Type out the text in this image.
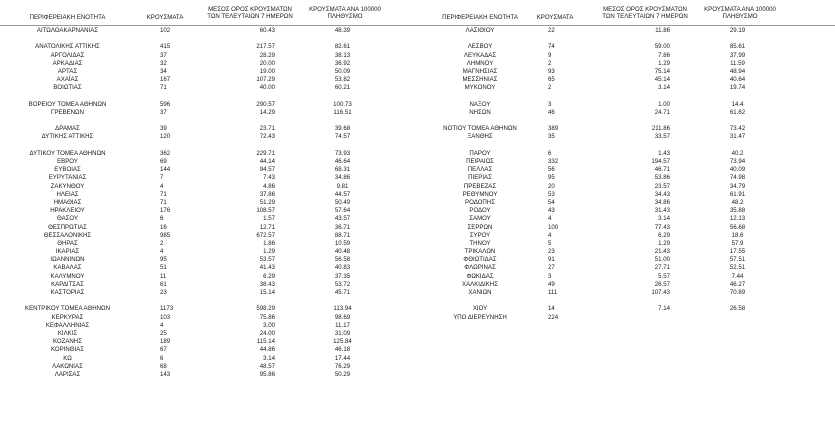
ΠΕΡΙΦΕΡΕΙΑΚΗ ΕΝΟΤΗΤΑ	ΚΡΟΥΣΜΑΤΑ
ΜΕΣΟΣ ΟΡΟΣ ΚΡΟΥΣΜΑΤΩΝ
ΤΩΝ ΤΕΛΕΥΤΑΙΩΝ 7 ΗΜΕΡΩΝ
ΚΡΟΥΣΜΑΤΑ ΑΝΑ 100000
ΠΛΗΘΥΣΜΟ
ΑΙΤΩΛΟΑΚΑΡΝΑΝΙΑΣ	102	60.43	48.39
ΑΝΑΤΟΛΙΚΗΣ ΑΤΤΙΚΗΣ	415	217.57	82.61
ΑΡΓΟΛΙΔΑΣ	37	28.29	38.13
ΑΡΚΑΔΙΑΣ	32	20.00	36.92
ΑΡΤΑΣ	34	19.00	50.09
ΑΧΑΪΑΣ	167	107.29	53.82
ΒΟΙΩΤΙΑΣ	71	40.00	60.21
ΒΟΡΕΙΟΥ ΤΟΜΕΑ ΑΘΗΝΩΝ	596	290.57	100.73
ΓΡΕΒΕΝΩΝ	37	14.29	116.51
ΔΡΑΜΑΣ	39	23.71	39.68
ΔΥΤΙΚΗΣ ΑΤΤΙΚΗΣ	120	72.43	74.57
ΔΥΤΙΚΟΥ ΤΟΜΕΑ ΑΘΗΝΩΝ	362	229.71	73.93
ΕΒΡΟΥ	69	44.14	46.64
ΕΥΒΟΙΑΣ	144	94.57	68.31
ΕΥΡΥΤΑΝΙΑΣ	7	7.43	34.86
ΖΑΚΥΝΘΟΥ	4	4.86	9.81
ΗΛΕΙΑΣ	71	37.86	44.57
ΗΜΑΘΙΑΣ	71	51.29	50.49
ΗΡΑΚΛΕΙΟΥ	176	108.57	57.64
ΘΑΣΟΥ	6	1.57	43.57
ΘΕΣΠΡΩΤΙΑΣ	16	12.71	36.71
ΘΕΣΣΑΛΟΝΙΚΗΣ	985	672.57	88.71
ΘΗΡΑΣ	2	1.86	10.59
ΙΚΑΡΙΑΣ	4	1.29	40.48
ΙΩΑΝΝΙΝΩΝ	95	53.57	56.58
ΚΑΒΑΛΑΣ	51	41.43	40.83
ΚΑΛΥΜΝΟΥ	11	6.29	37.35
ΚΑΡΔΙΤΣΑΣ	61	38.43	53.72
ΚΑΣΤΟΡΙΑΣ	23	15.14	45.71
ΚΕΝΤΡΙΚΟΥ ΤΟΜΕΑ ΑΘΗΝΩΝ	1173	598.29	113.94
ΚΕΡΚΥΡΑΣ	103	75.86	98.69
ΚΕΦΑΛΛΗΝΙΑΣ	4	3.00	11.17
ΚΙΛΚΙΣ	25	24.00	31.09
ΚΟΖΑΝΗΣ	189	115.14	125.84
ΚΟΡΙΝΘΙΑΣ	67	44.86	46.18
ΚΩ	6	3.14	17.44
ΛΑΚΩΝΙΑΣ	68	48.57	76.29
ΛΑΡΙΣΑΣ	143	95.86	50.29
ΠΕΡΙΦΕΡΕΙΑΚΗ ΕΝΟΤΗΤΑ	ΚΡΟΥΣΜΑΤΑ
ΜΕΣΟΣ ΟΡΟΣ ΚΡΟΥΣΜΑΤΩΝ
ΤΩΝ ΤΕΛΕΥΤΑΙΩΝ 7 ΗΜΕΡΩΝ
ΚΡΟΥΣΜΑΤΑ ΑΝΑ 100000
ΠΛΗΘΥΣΜΟ
ΛΑΣΙΘΙΟΥ	22	11.86	29.19
ΛΕΣΒΟΥ	74	59.00	85.61
ΛΕΥΚΑΔΑΣ	9	7.86	37.99
ΛΗΜΝΟΥ	2	1.29	11.59
ΜΑΓΝΗΣΙΑΣ	93	75.14	48.94
ΜΕΣΣΗΝΙΑΣ	65	45.14	40.64
ΜΥΚΟΝΟΥ	2	3.14	19.74
ΝΑΞΟΥ	3	1.00	14.4
ΝΗΣΩΝ	46	24.71	61.62
ΝΟΤΙΟΥ ΤΟΜΕΑ ΑΘΗΝΩΝ	389	211.86	73.42
ΞΑΝΘΗΣ	35	33.57	31.47
ΠΑΡΟΥ	6	1.43	40.2
ΠΕΙΡΑΙΩΣ	332	194.57	73.94
ΠΕΛΛΑΣ	56	46.71	40.09
ΠΙΕΡΙΑΣ	95	53.86	74.98
ΠΡΕΒΕΖΑΣ	20	23.57	34.79
ΡΕΘΥΜΝΟΥ	53	34.43	61.91
ΡΟΔΟΠΗΣ	54	34.86	48.2
ΡΟΔΟΥ	43	31.43	35.88
ΣΑΜΟΥ	4	3.14	12.13
ΣΕΡΡΩΝ	100	77.43	56.68
ΣΥΡΟΥ	4	6.29	18.6
ΤΗΝΟΥ	5	1.29	57.9
ΤΡΙΚΑΛΩΝ	23	21.43	17.55
ΦΘΙΩΤΙΔΑΣ	91	51.00	57.51
ΦΛΩΡΙΝΑΣ	27	27.71	52.51
ΦΩΚΙΔΑΣ	3	5.57	7.44
ΧΑΛΚΙΔΙΚΗΣ	49	26.57	46.27
ΧΑΝΙΩΝ	111	107.43	70.89
ΧΙΟΥ	14	7.14	26.58
ΥΠΟ ΔΙΕΡΕΥΝΗΣΗ	224
